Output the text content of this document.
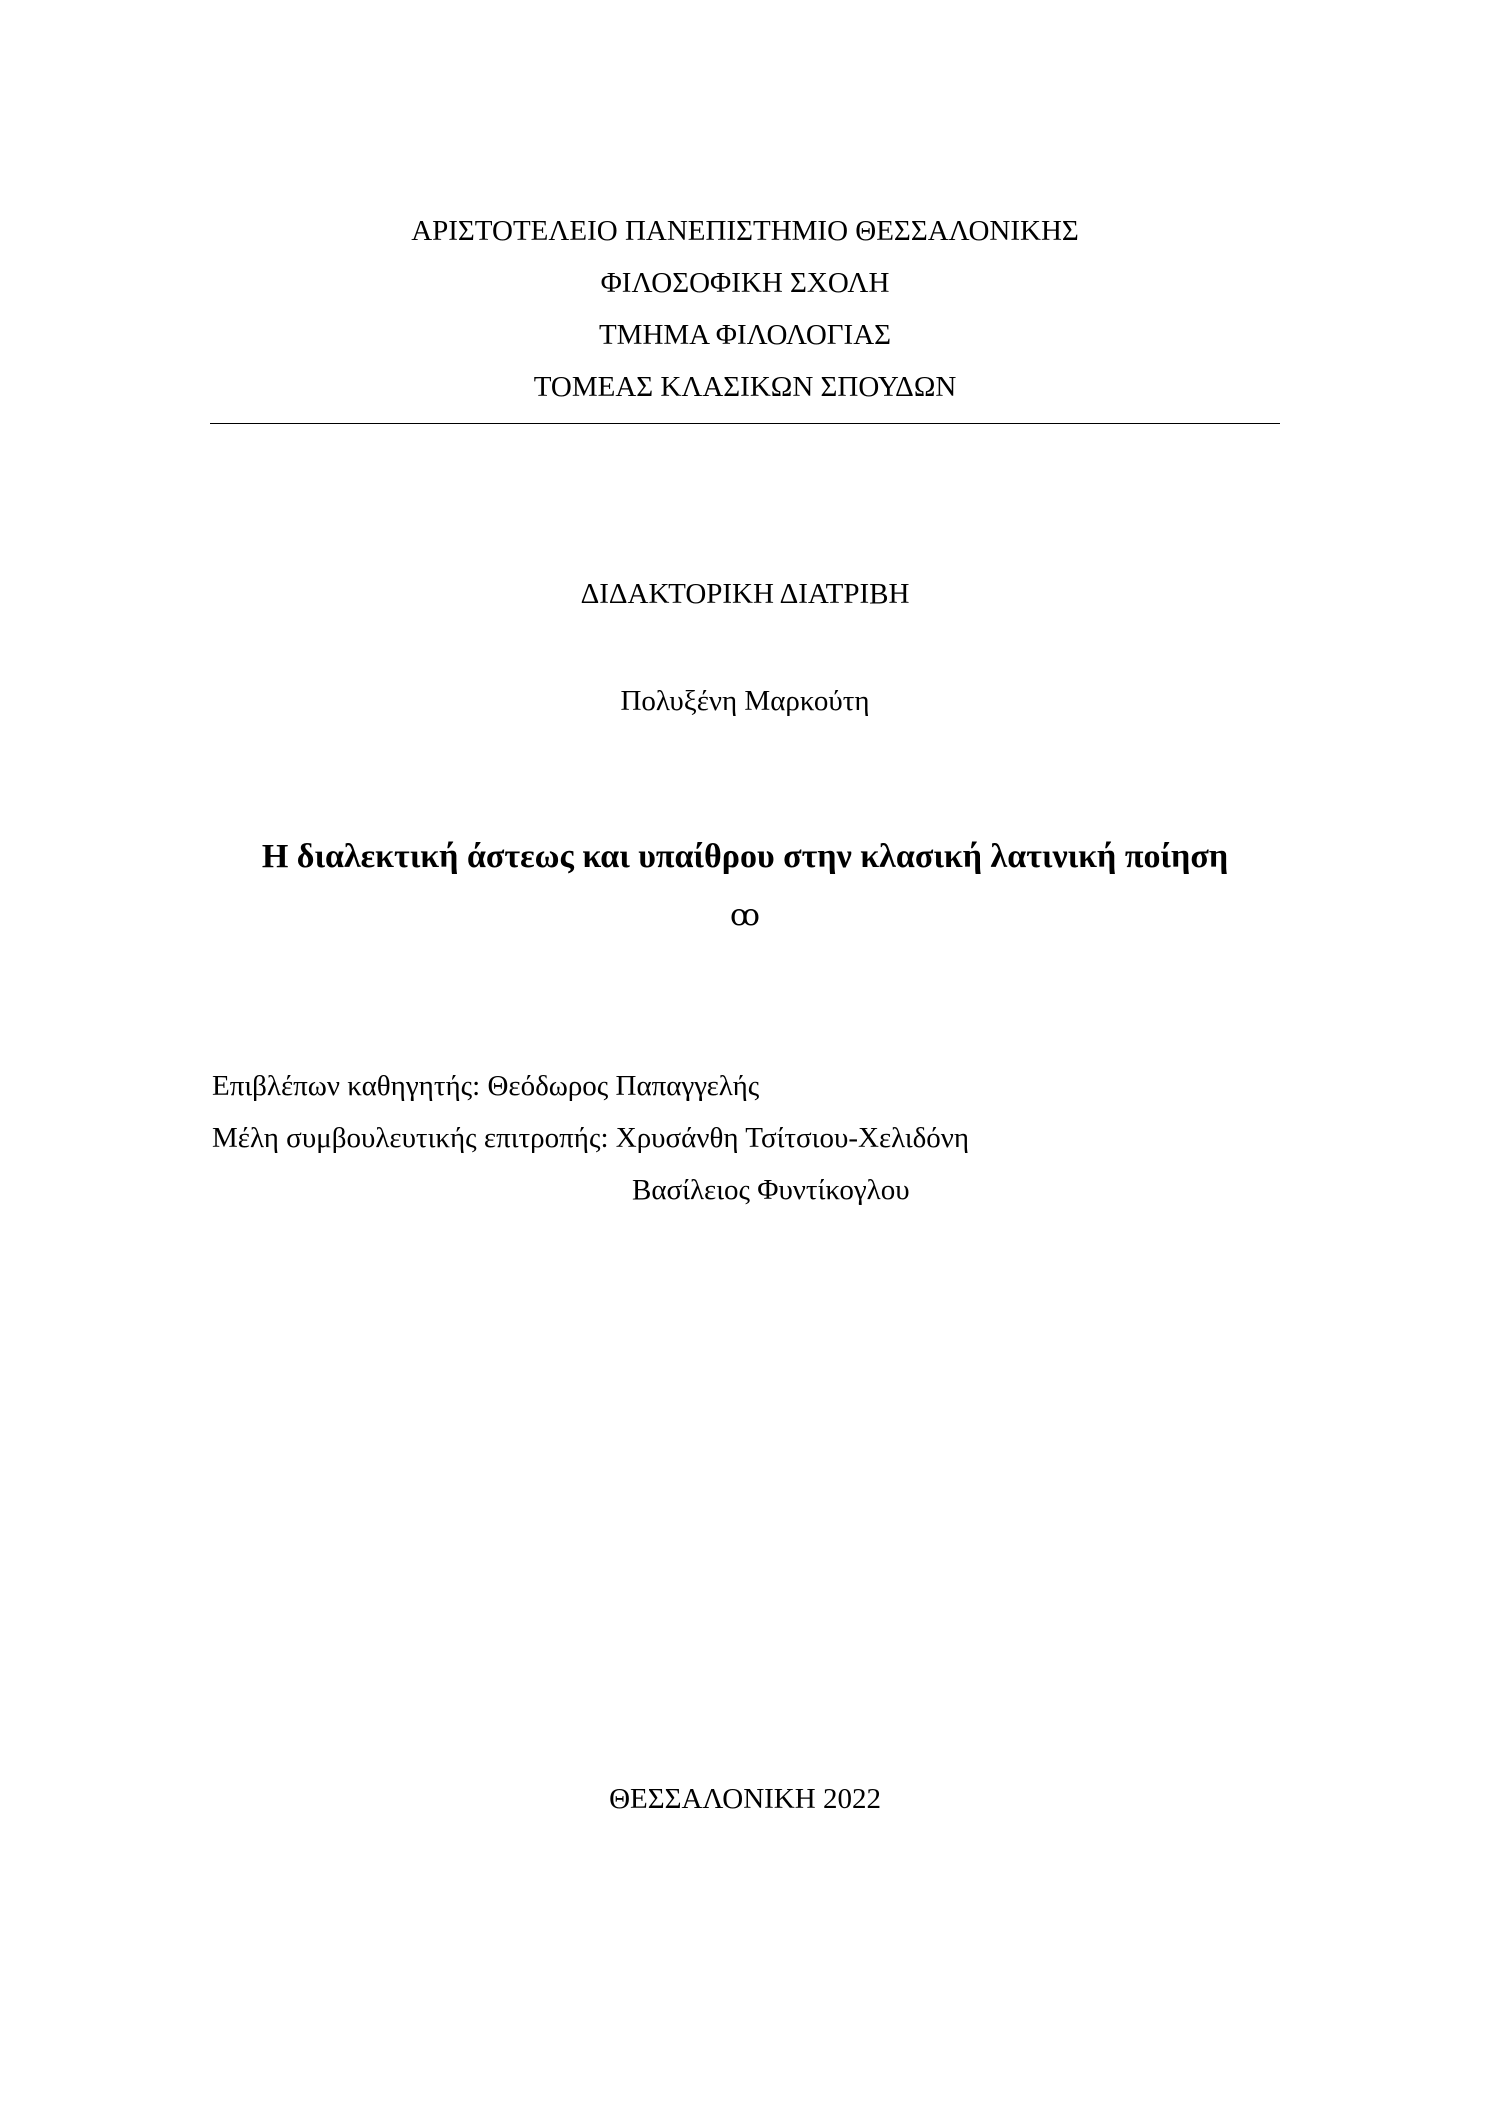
ΑΡΙΣΤΟΤΕΛΕΙΟ ΠΑΝΕΠΙΣΤΗΜΙΟ ΘΕΣΣΑΛΟΝΙΚΗΣ
ΦΙΛΟΣΟΦΙΚΗ ΣΧΟΛΗ
ΤΜΗΜΑ ΦΙΛΟΛΟΓΙΑΣ
ΤΟΜΕΑΣ ΚΛΑΣΙΚΩΝ ΣΠΟΥΔΩΝ
ΔΙΔΑΚΤΟΡΙΚΗ ΔΙΑΤΡΙΒΗ
Πολυξένη Μαρκούτη
Η διαλεκτική άστεως και υπαίθρου στην κλασική λατινική ποίηση
ꚙ
Επιβλέπων καθηγητής: Θεόδωρος Παπαγγελής
Μέλη συμβουλευτικής επιτροπής: Χρυσάνθη Τσίτσιου-Χελιδόνη
Βασίλειος Φυντίκογλου
ΘΕΣΣΑΛΟΝΙΚΗ 2022
